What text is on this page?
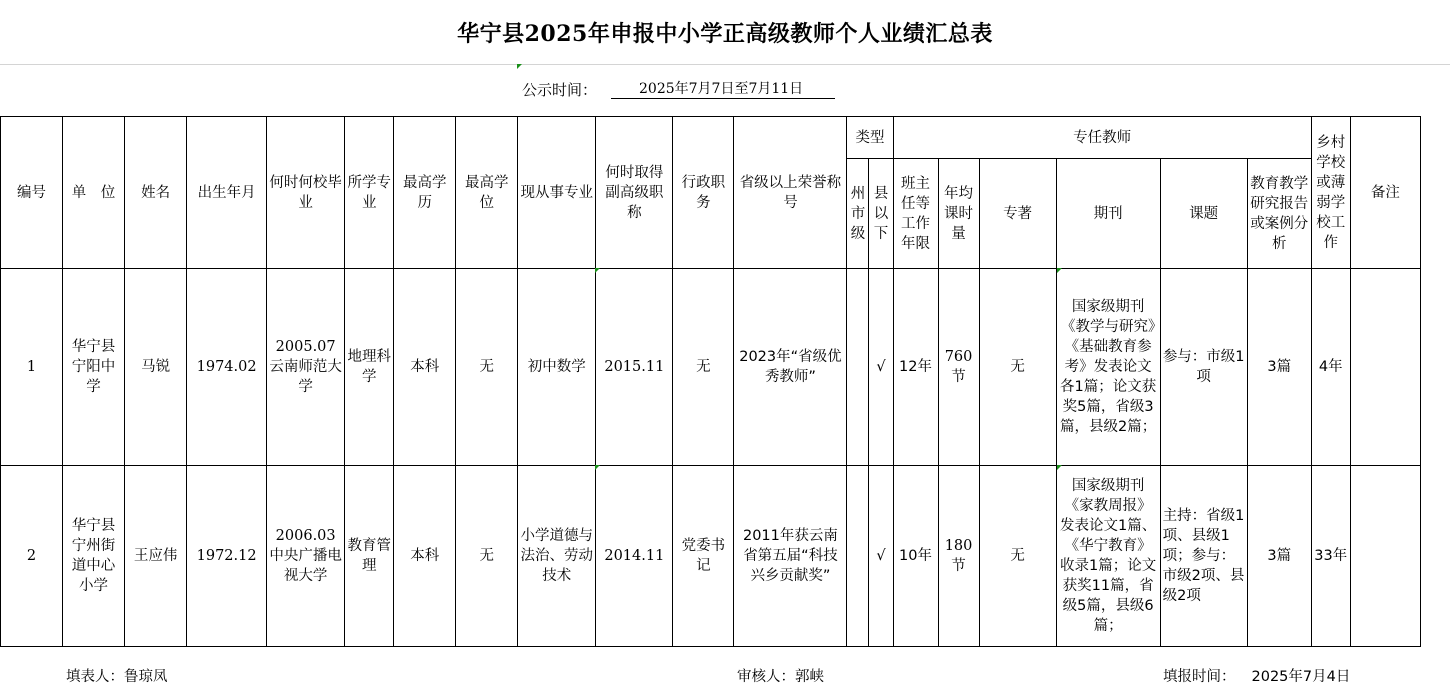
华宁县2025年申报中小学正高级教师个人业绩汇总表
公示时间：	2025年7月7日至7月11日
编号	单　位	姓名	出生年月	何时何校毕业	所学专业	最高学历	最高学位	现从事专业	何时取得副高级职称	行政职务	省级以上荣誉称号	类型		专任教师						乡村学校或薄弱学校工作	备注
												州市级	县以下	班主任等工作年限	年均课时量	专著	期刊	课题	教育教学研究报告或案例分析		
1	华宁县宁阳中学	马锐	1974.02	2005.07云南师范大学	地理科学	本科	无	初中数学	2015.11	无	2023年“省级优秀教师”		√	12年	760节	无	国家级期刊《教学与研究》《基础教育参考》发表论文各1篇；论文获奖5篇，省级3篇，县级2篇；	参与：市级1项	3篇	4年	
2	华宁县宁州街道中心小学	王应伟	1972.12	2006.03中央广播电视大学	教育管理	本科	无	小学道德与法治、劳动技术	2014.11	党委书记	2011年获云南省第五届“科技兴乡贡献奖”		√	10年	180节	无	国家级期刊《家教周报》发表论文1篇、《华宁教育》收录1篇；论文获奖11篇，省级5篇，县级6篇；	主持：省级1项、县级1项；参与：市级2项、县级2项	3篇	33年	
填表人：鲁琼凤	审核人：郭峡	填报时间： 2025年7月4日
